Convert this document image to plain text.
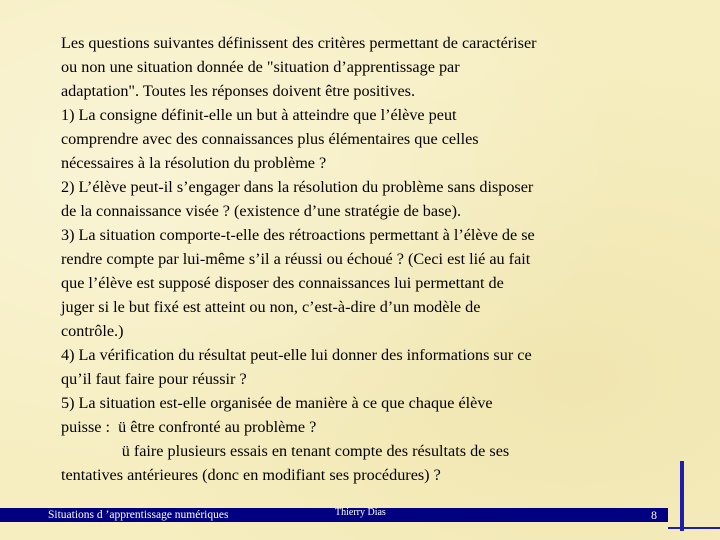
Les questions suivantes définissent des critères permettant de caractériser

ou non une situation donnée de "situation d’apprentissage par

adaptation". Toutes les réponses doivent être positives.

1) La consigne définit-elle un but à atteindre que l’élève peut

comprendre avec des connaissances plus élémentaires que celles

nécessaires à la résolution du problème ?

2) L’élève peut-il s’engager dans la résolution du problème sans disposer

de la connaissance visée ? (existence d’une stratégie de base).

3) La situation comporte-t-elle des rétroactions permettant à l’élève de se

rendre compte par lui-même s’il a réussi ou échoué ? (Ceci est lié au fait

que l’élève est supposé disposer des connaissances lui permettant de

juger si le but fixé est atteint ou non, c’est-à-dire d’un modèle de

contrôle.)

4) La vérification du résultat peut-elle lui donner des informations sur ce

qu’il faut faire pour réussir ?

5) La situation est-elle organisée de manière à ce que chaque élève

puisse :  ü être confronté au problème ?

ü faire plusieurs essais en tenant compte des résultats de ses

tentatives antérieures (donc en modifiant ses procédures) ?

Situations d ’apprentissage numériques	Thierry Dias	8
